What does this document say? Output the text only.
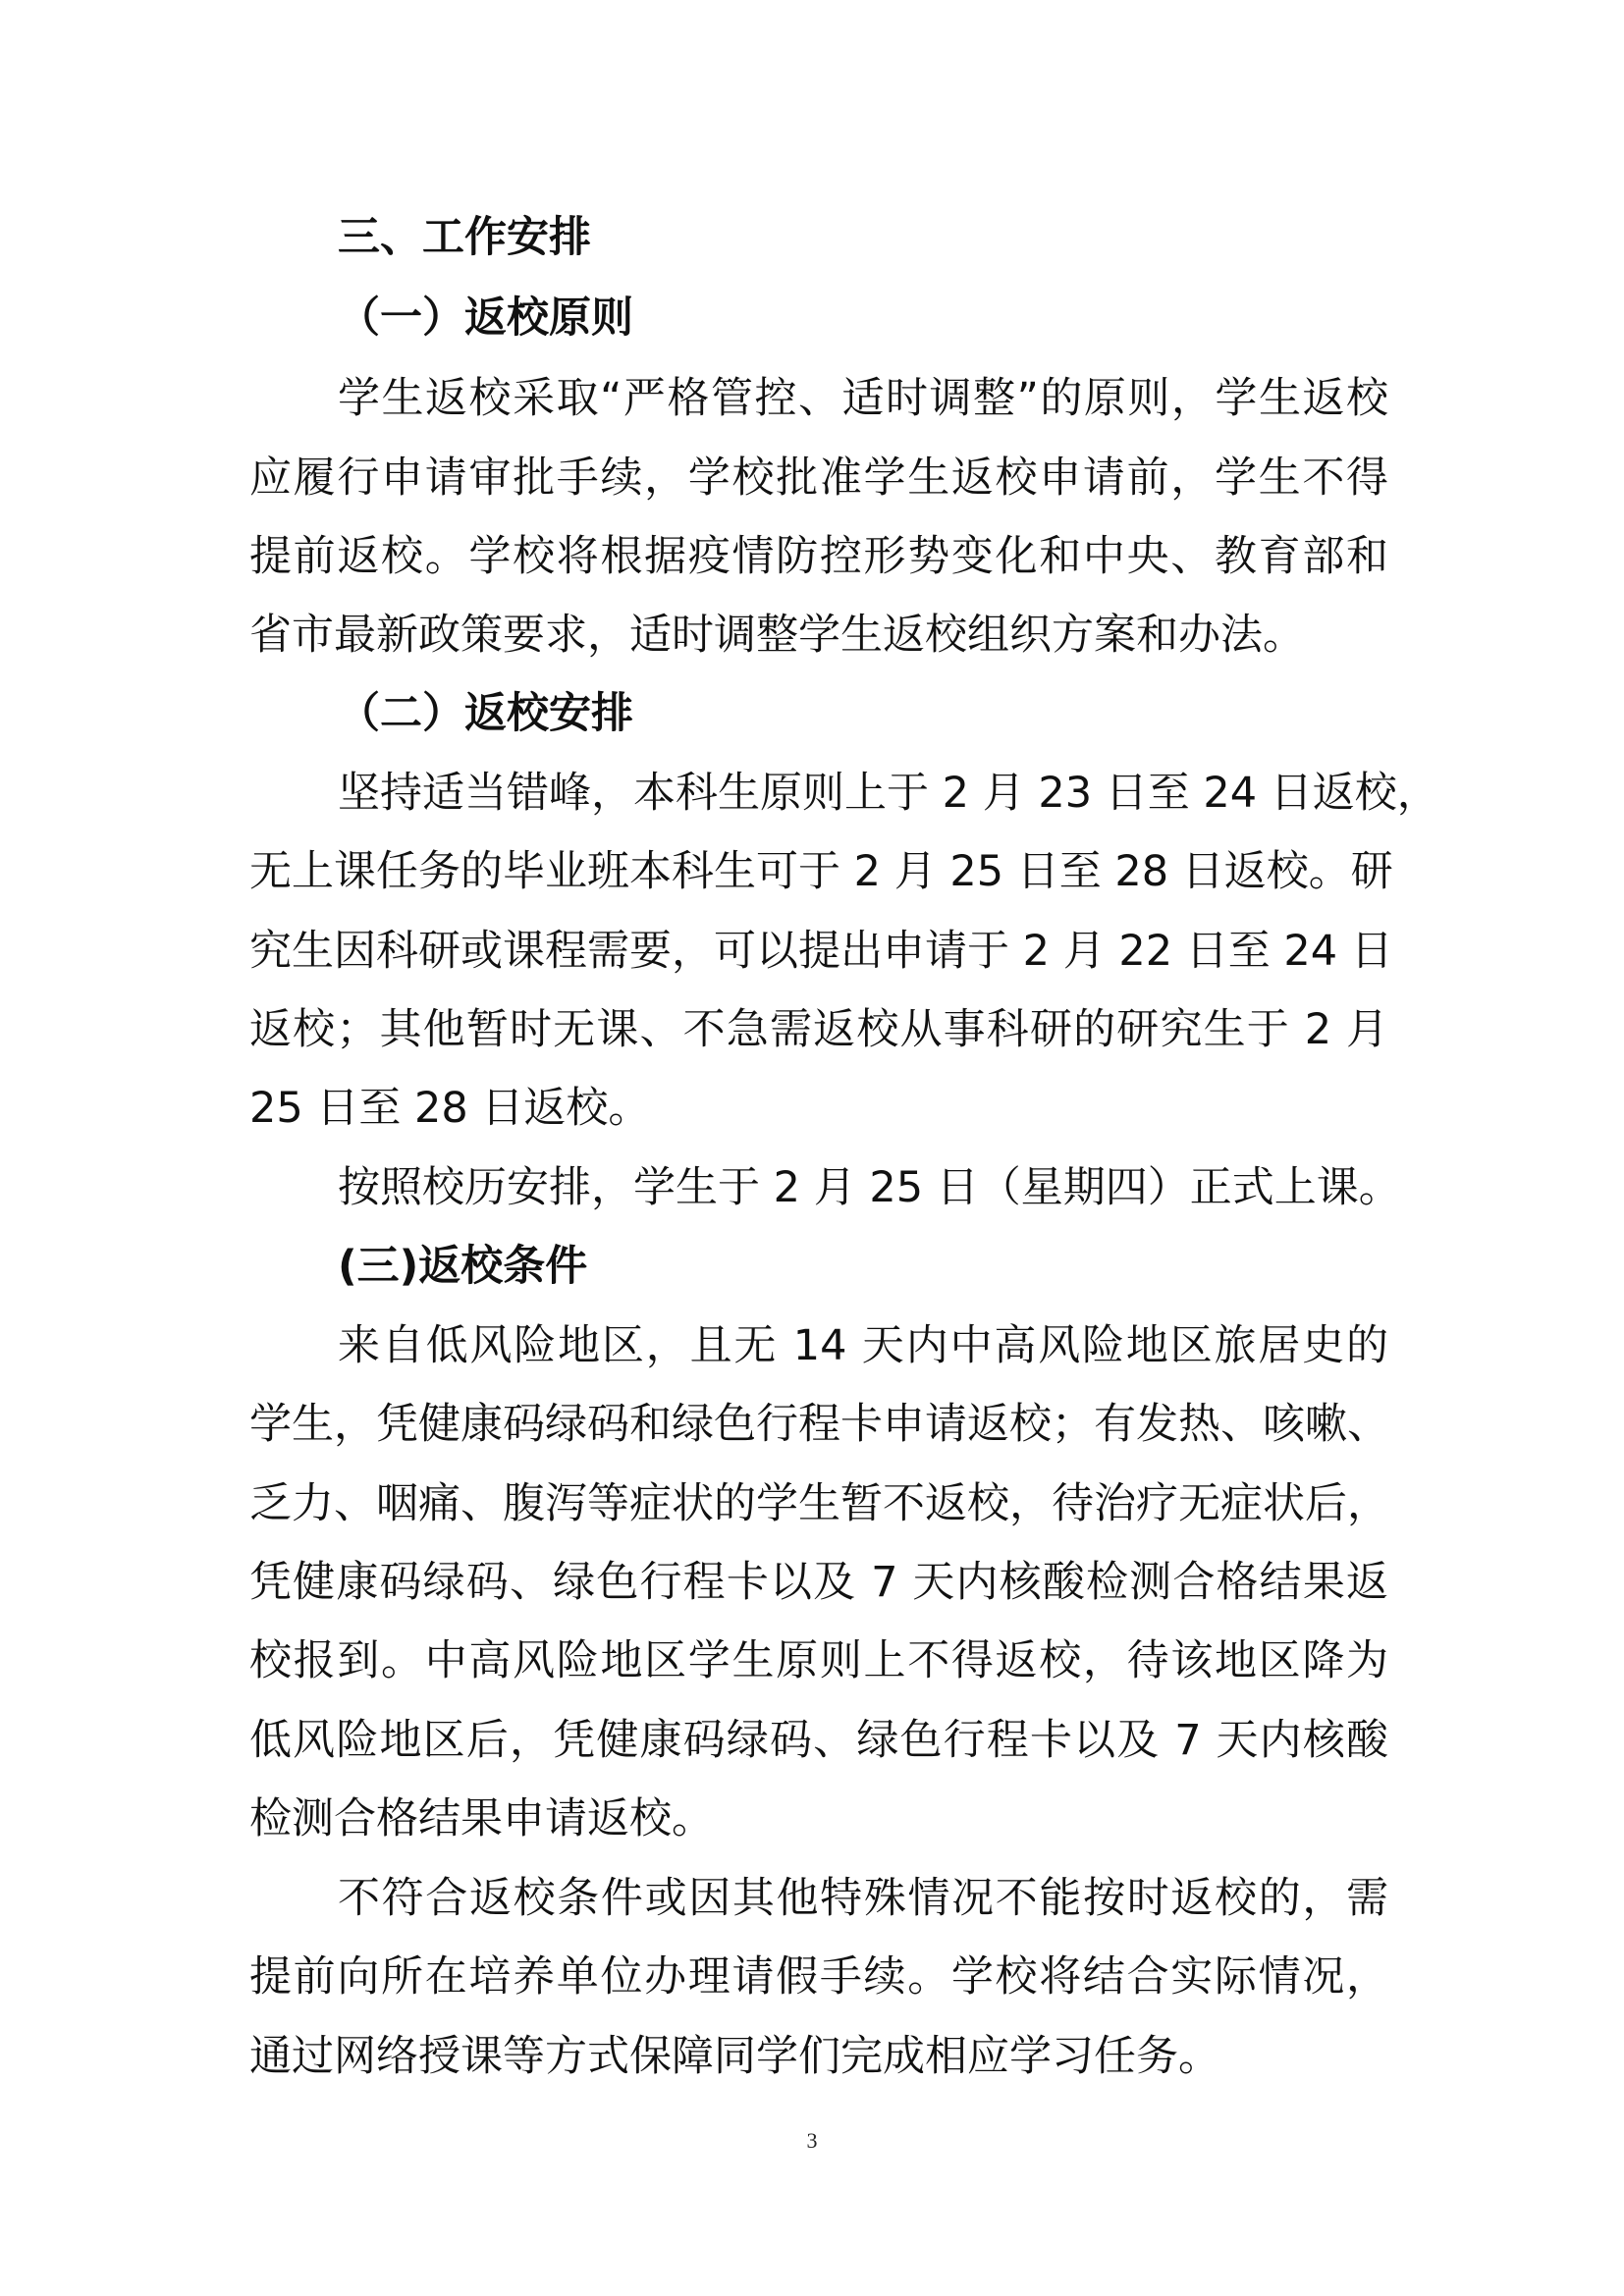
三、工作安排
（一）返校原则
学生返校采取“严格管控、适时调整”的原则，学生返校
应履行申请审批手续，学校批准学生返校申请前，学生不得
提前返校。学校将根据疫情防控形势变化和中央、教育部和
省市最新政策要求，适时调整学生返校组织方案和办法。
（二）返校安排
坚持适当错峰，本科生原则上于 2 月 23 日至 24 日返校，
无上课任务的毕业班本科生可于 2 月 25 日至 28 日返校。研
究生因科研或课程需要，可以提出申请于 2 月 22 日至 24 日
返校；其他暂时无课、不急需返校从事科研的研究生于 2 月
25 日至 28 日返校。
按照校历安排，学生于 2 月 25 日（星期四）正式上课。
(三)返校条件
来自低风险地区，且无 14 天内中高风险地区旅居史的
学生，凭健康码绿码和绿色行程卡申请返校；有发热、咳嗽、
乏力、咽痛、腹泻等症状的学生暂不返校，待治疗无症状后，
凭健康码绿码、绿色行程卡以及 7 天内核酸检测合格结果返
校报到。中高风险地区学生原则上不得返校，待该地区降为
低风险地区后，凭健康码绿码、绿色行程卡以及 7 天内核酸
检测合格结果申请返校。
不符合返校条件或因其他特殊情况不能按时返校的，需
提前向所在培养单位办理请假手续。学校将结合实际情况，
通过网络授课等方式保障同学们完成相应学习任务。
3
